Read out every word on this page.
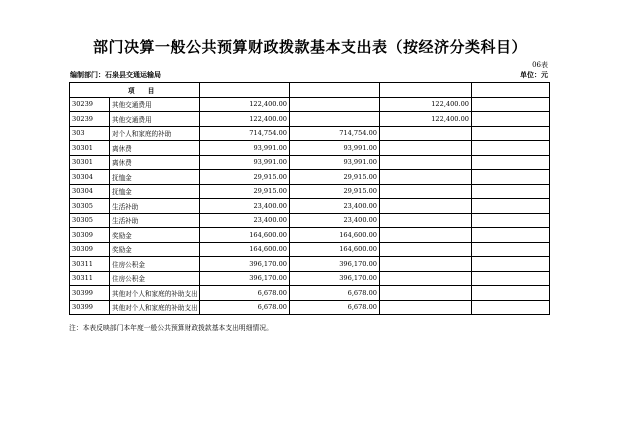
部门决算一般公共预算财政拨款基本支出表（按经济分类科目）
06表
编制部门：石泉县交通运输局	单位：元
项　　目					
30239	其他交通费用	122,400.00		122,400.00	
30239	其他交通费用	122,400.00		122,400.00	
303	对个人和家庭的补助	714,754.00	714,754.00		
30301	离休费	93,991.00	93,991.00		
30301	离休费	93,991.00	93,991.00		
30304	抚恤金	29,915.00	29,915.00		
30304	抚恤金	29,915.00	29,915.00		
30305	生活补助	23,400.00	23,400.00		
30305	生活补助	23,400.00	23,400.00		
30309	奖励金	164,600.00	164,600.00		
30309	奖励金	164,600.00	164,600.00		
30311	住房公积金	396,170.00	396,170.00		
30311	住房公积金	396,170.00	396,170.00		
30399	其他对个人和家庭的补助支出	6,678.00	6,678.00		
30399	其他对个人和家庭的补助支出	6,678.00	6,678.00		
注：本表反映部门本年度一般公共预算财政拨款基本支出明细情况。
